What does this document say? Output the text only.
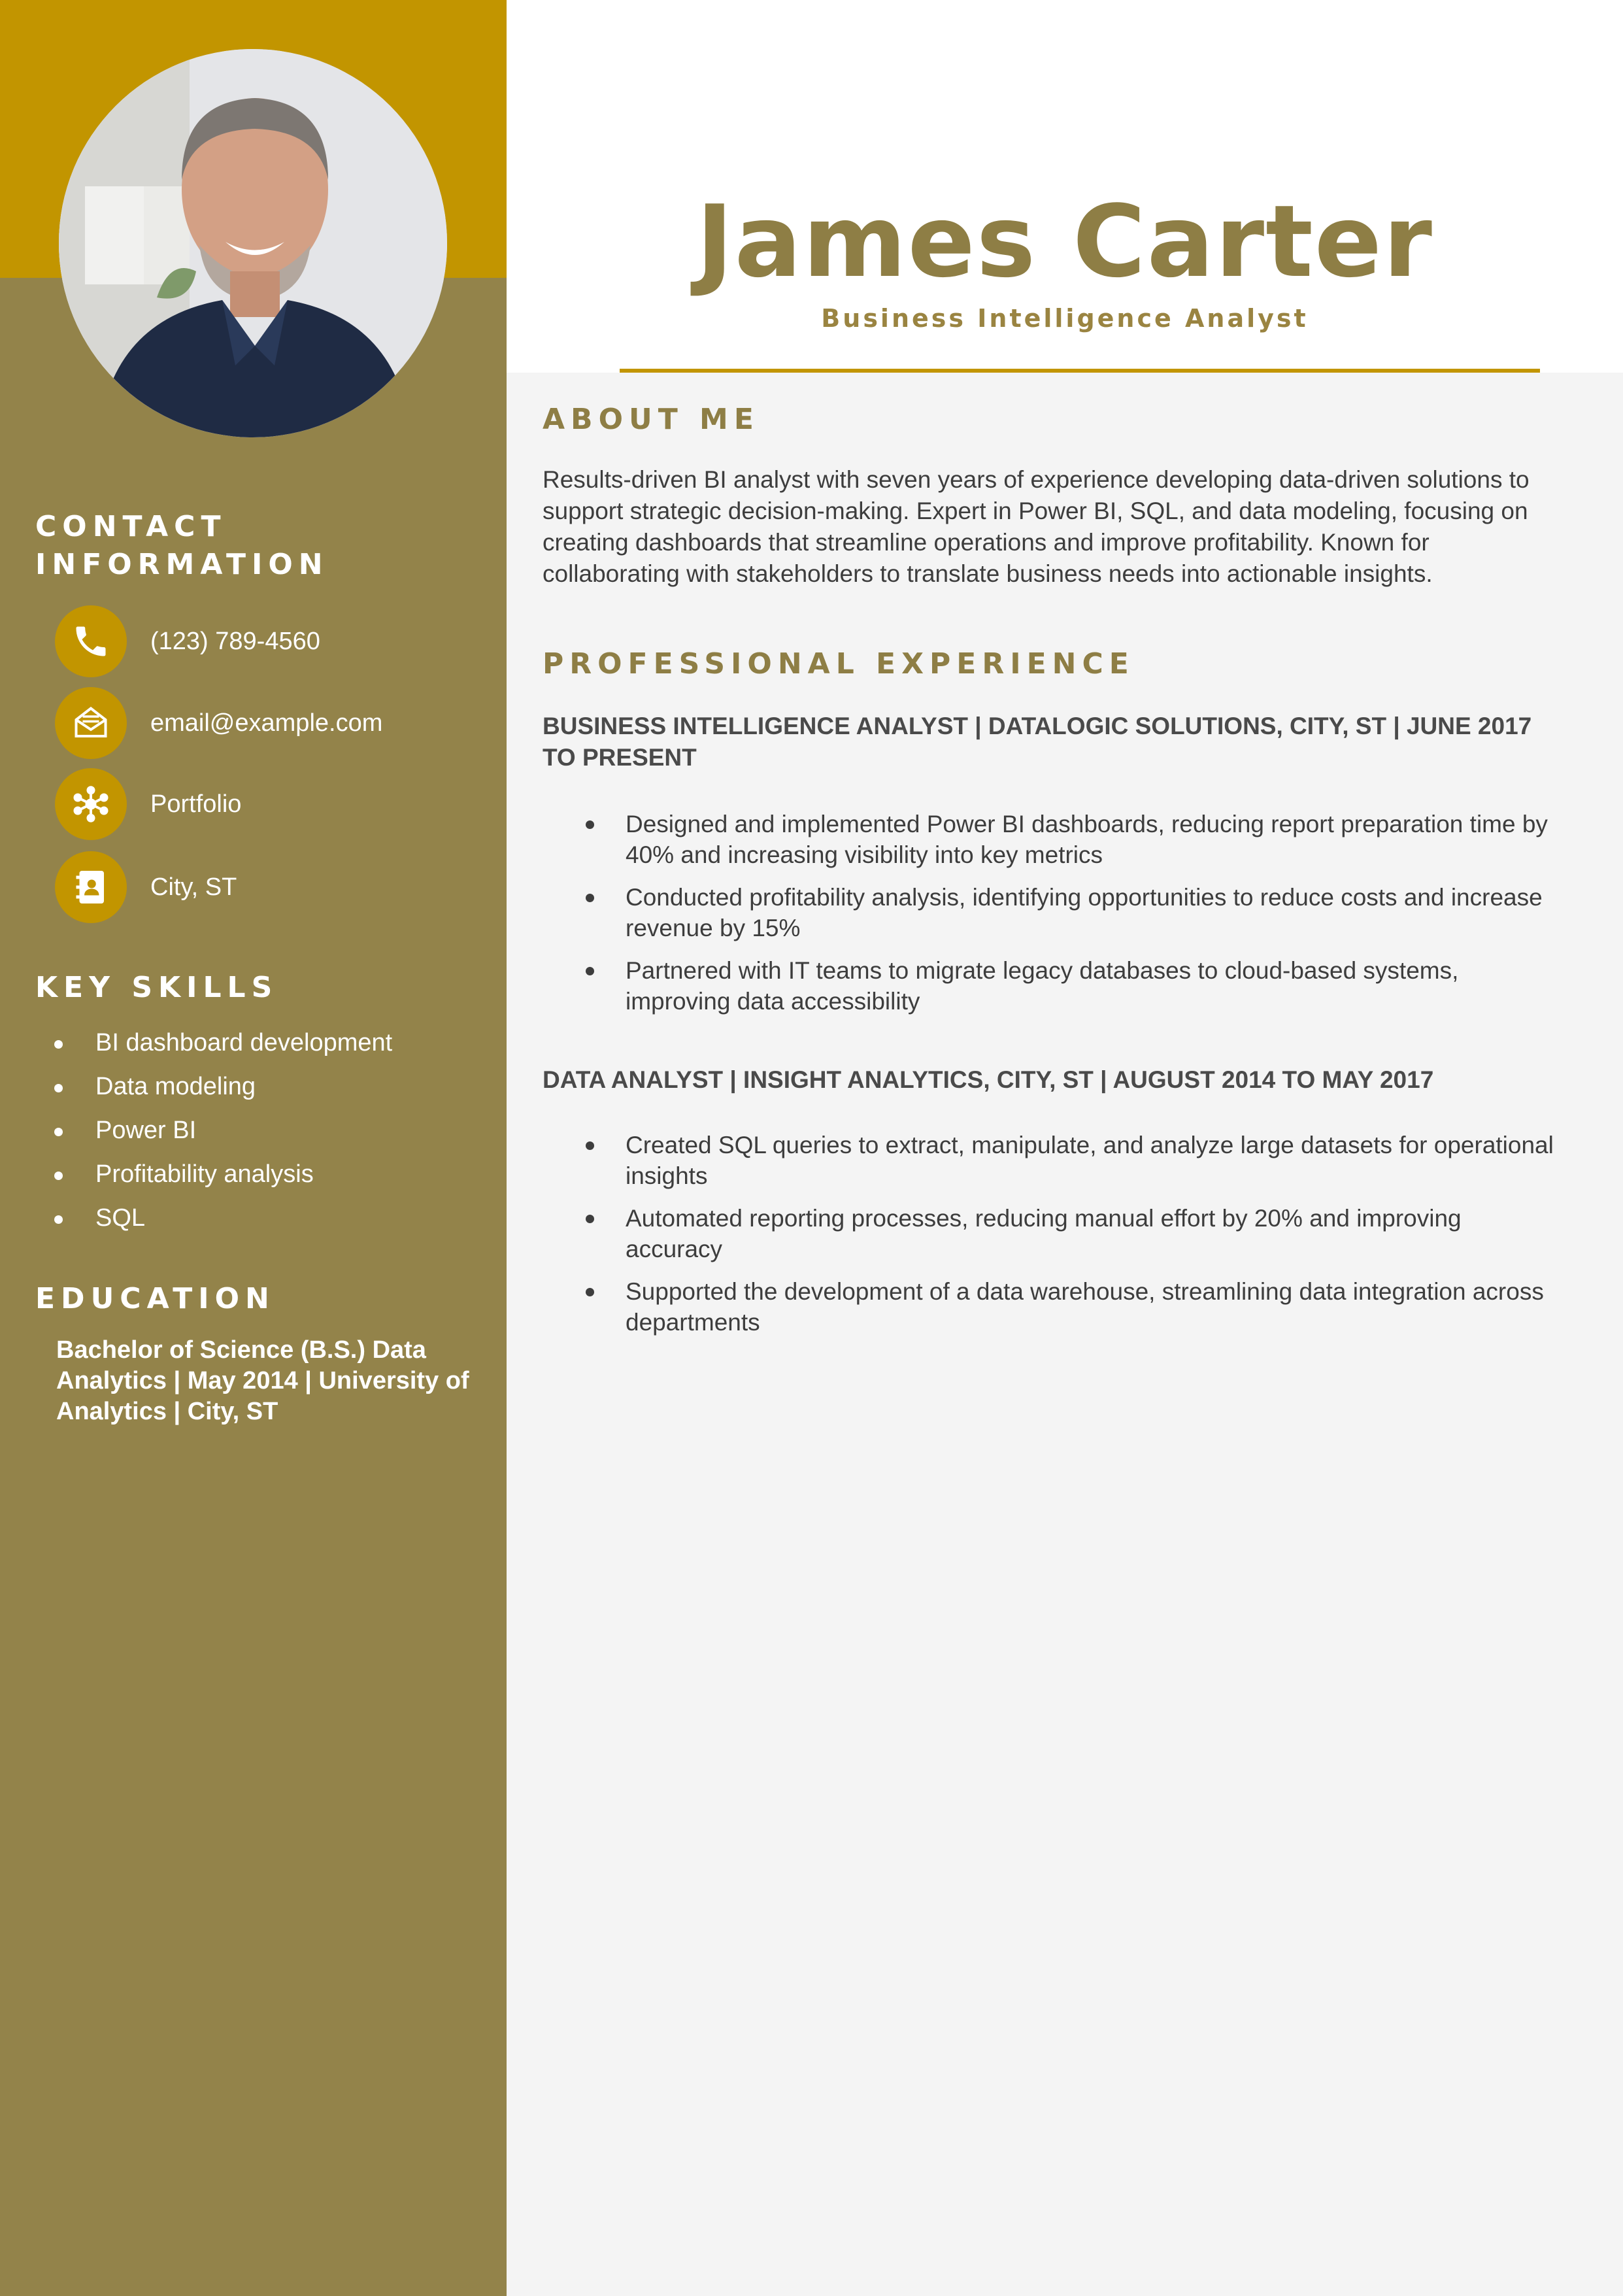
CONTACT
INFORMATION
(123) 789-4560
email@example.com
Portfolio
City, ST
KEY SKILLS
BI dashboard development
Data modeling
Power BI
Profitability analysis
SQL
EDUCATION

Bachelor of Science (B.S.) Data Analytics | May 2014 | University of Analytics | City, ST

James Carter

Business Intelligence Analyst

ABOUT ME

Results-driven BI analyst with seven years of experience developing data-driven solutions to support strategic decision-making. Expert in Power BI, SQL, and data modeling, focusing on creating dashboards that streamline operations and improve profitability. Known for collaborating with stakeholders to translate business needs into actionable insights.

PROFESSIONAL EXPERIENCE

BUSINESS INTELLIGENCE ANALYST | DATALOGIC SOLUTIONS, CITY, ST | JUNE 2017 TO PRESENT

Designed and implemented Power BI dashboards, reducing report preparation time by 40% and increasing visibility into key metrics
Conducted profitability analysis, identifying opportunities to reduce costs and increase revenue by 15%
Partnered with IT teams to migrate legacy databases to cloud-based systems, improving data accessibility

DATA ANALYST | INSIGHT ANALYTICS, CITY, ST | AUGUST 2014 TO MAY 2017

Created SQL queries to extract, manipulate, and analyze large datasets for operational insights
Automated reporting processes, reducing manual effort by 20% and improving accuracy
Supported the development of a data warehouse, streamlining data integration across departments
